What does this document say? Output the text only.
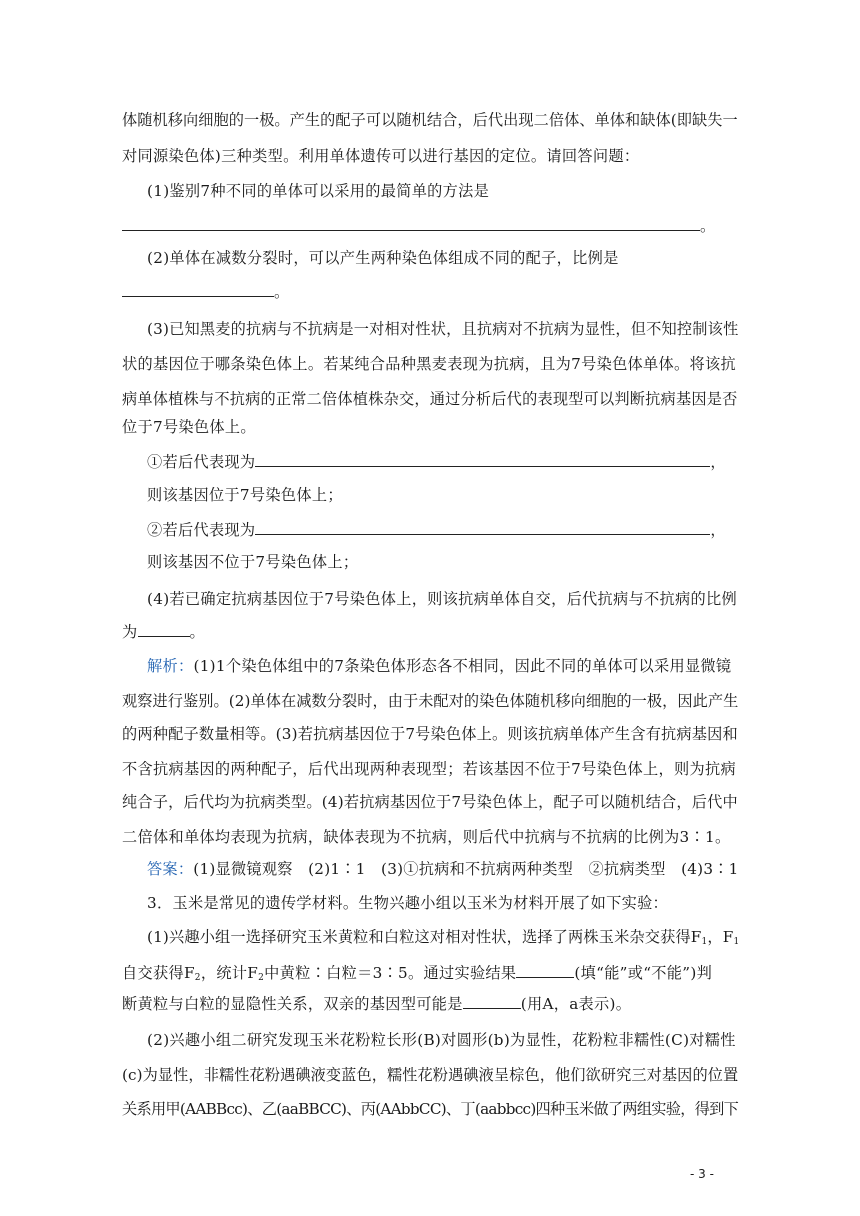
体随机移向细胞的一极。产生的配子可以随机结合，后代出现二倍体、单体和缺体(即缺失一
对同源染色体)三种类型。利用单体遗传可以进行基因的定位。请回答问题：
(1)鉴别7种不同的单体可以采用的最简单的方法是
。
(2)单体在减数分裂时，可以产生两种染色体组成不同的配子，比例是
。
(3)已知黑麦的抗病与不抗病是一对相对性状，且抗病对不抗病为显性，但不知控制该性
状的基因位于哪条染色体上。若某纯合品种黑麦表现为抗病，且为7号染色体单体。将该抗
病单体植株与不抗病的正常二倍体植株杂交，通过分析后代的表现型可以判断抗病基因是否
位于7号染色体上。
①若后代表现为	，
则该基因位于7号染色体上；
②若后代表现为	，
则该基因不位于7号染色体上；
(4)若已确定抗病基因位于7号染色体上，则该抗病单体自交，后代抗病与不抗病的比例
为	。
解析：(1)1个染色体组中的7条染色体形态各不相同，因此不同的单体可以采用显微镜
观察进行鉴别。(2)单体在减数分裂时，由于未配对的染色体随机移向细胞的一极，因此产生
的两种配子数量相等。(3)若抗病基因位于7号染色体上。则该抗病单体产生含有抗病基因和
不含抗病基因的两种配子，后代出现两种表现型；若该基因不位于7号染色体上，则为抗病
纯合子，后代均为抗病类型。(4)若抗病基因位于7号染色体上，配子可以随机结合，后代中
二倍体和单体均表现为抗病，缺体表现为不抗病，则后代中抗病与不抗病的比例为3∶1。
答案：(1)显微镜观察　(2)1∶1　(3)①抗病和不抗病两种类型　②抗病类型　(4)3∶1
3．玉米是常见的遗传学材料。生物兴趣小组以玉米为材料开展了如下实验：
(1)兴趣小组一选择研究玉米黄粒和白粒这对相对性状，选择了两株玉米杂交获得$F_1$，$F_1$
自交获得$F_2$，统计$F_2$中黄粒∶白粒＝3∶5。通过实验结果	(填“能”或“不能”)判
断黄粒与白粒的显隐性关系，双亲的基因型可能是	(用A，a表示)。
(2)兴趣小组二研究发现玉米花粉粒长形(B)对圆形(b)为显性，花粉粒非糯性(C)对糯性
(c)为显性，非糯性花粉遇碘液变蓝色，糯性花粉遇碘液呈棕色，他们欲研究三对基因的位置
关系用甲(AABBcc)、乙(aaBBCC)、丙(AAbbCC)、丁(aabbcc)四种玉米做了两组实验，得到下
- 3 -
